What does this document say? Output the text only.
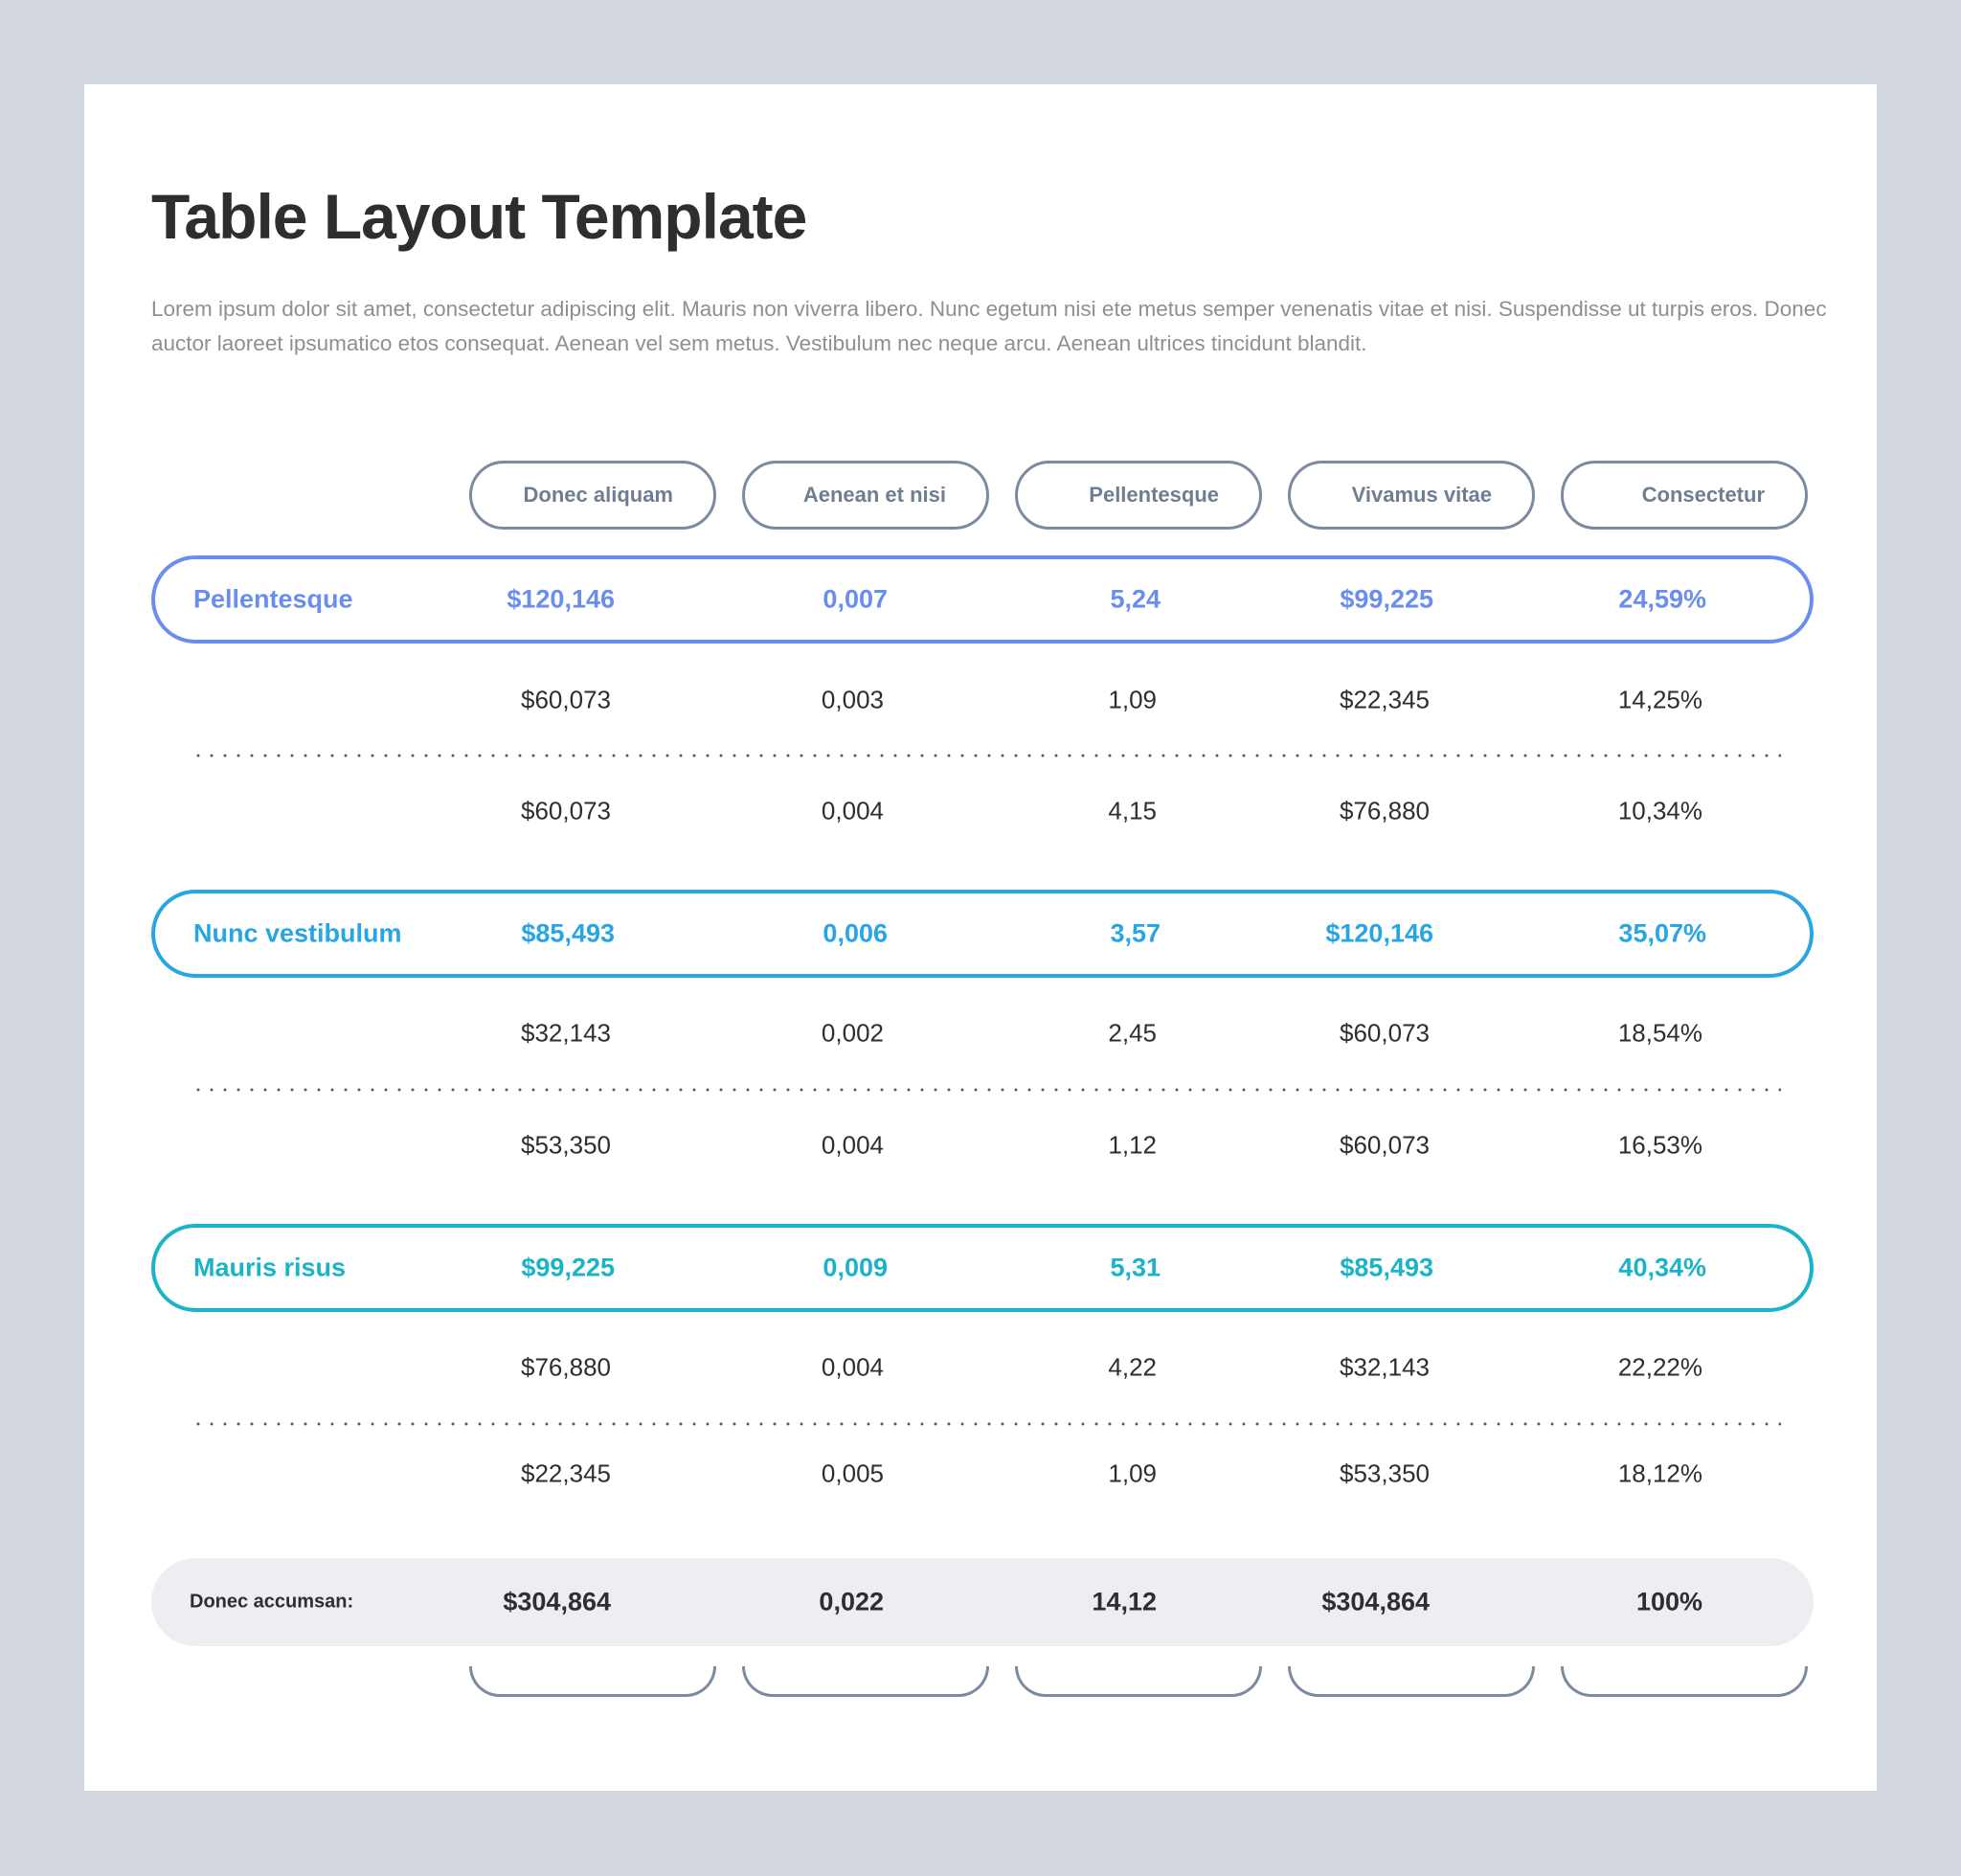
Table Layout Template

Lorem ipsum dolor sit amet, consectetur adipiscing elit. Mauris non viverra libero. Nunc egetum nisi ete metus semper venenatis vitae et nisi. Suspendisse ut turpis eros. Donec auctor laoreet ipsumatico etos consequat. Aenean vel sem metus. Vestibulum nec neque arcu. Aenean ultrices tincidunt blandit.

Donec aliquam	Aenean et nisi	Pellentesque	Vivamus vitae	Consectetur
Pellentesque	$120,146	0,007	5,24	$99,225	24,59%
$60,073	0,003	1,09	$22,345	14,25%
$60,073	0,004	4,15	$76,880	10,34%
Nunc vestibulum	$85,493	0,006	3,57	$120,146	35,07%
$32,143	0,002	2,45	$60,073	18,54%
$53,350	0,004	1,12	$60,073	16,53%
Mauris risus	$99,225	0,009	5,31	$85,493	40,34%
$76,880	0,004	4,22	$32,143	22,22%
$22,345	0,005	1,09	$53,350	18,12%
Donec accumsan:	$304,864	0,022	14,12	$304,864	100%
